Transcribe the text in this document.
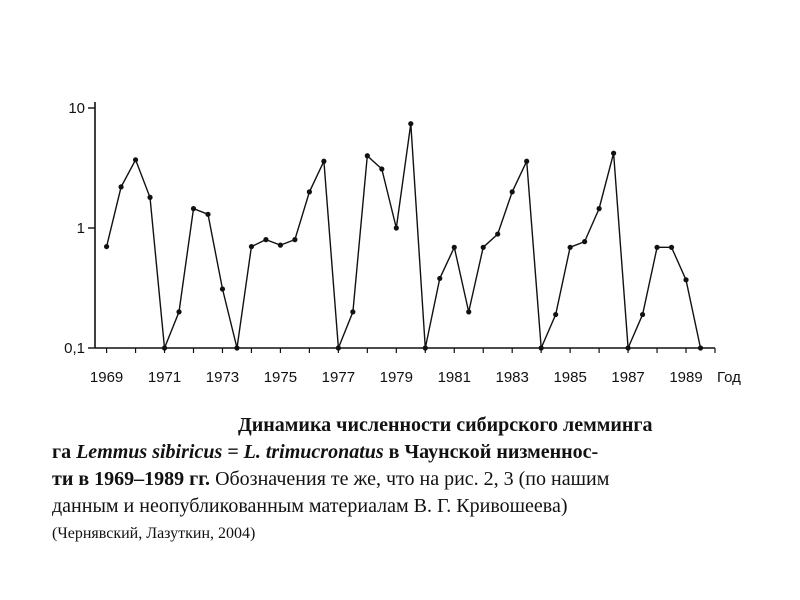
10
1
0,1
1969 1971 1973 1975 1977 1979 1981 1983 1985 1987 1989 Год
Динамика численности сибирского лемминга
га Lemmus sibiricus = L. trimucronatus в Чаунской низменнос-
ти в 1969–1989 гг. Обозначения те же, что на рис. 2, 3 (по нашим
данным и неопубликованным материалам В. Г. Кривошеева)
(Чернявский, Лазуткин, 2004)
